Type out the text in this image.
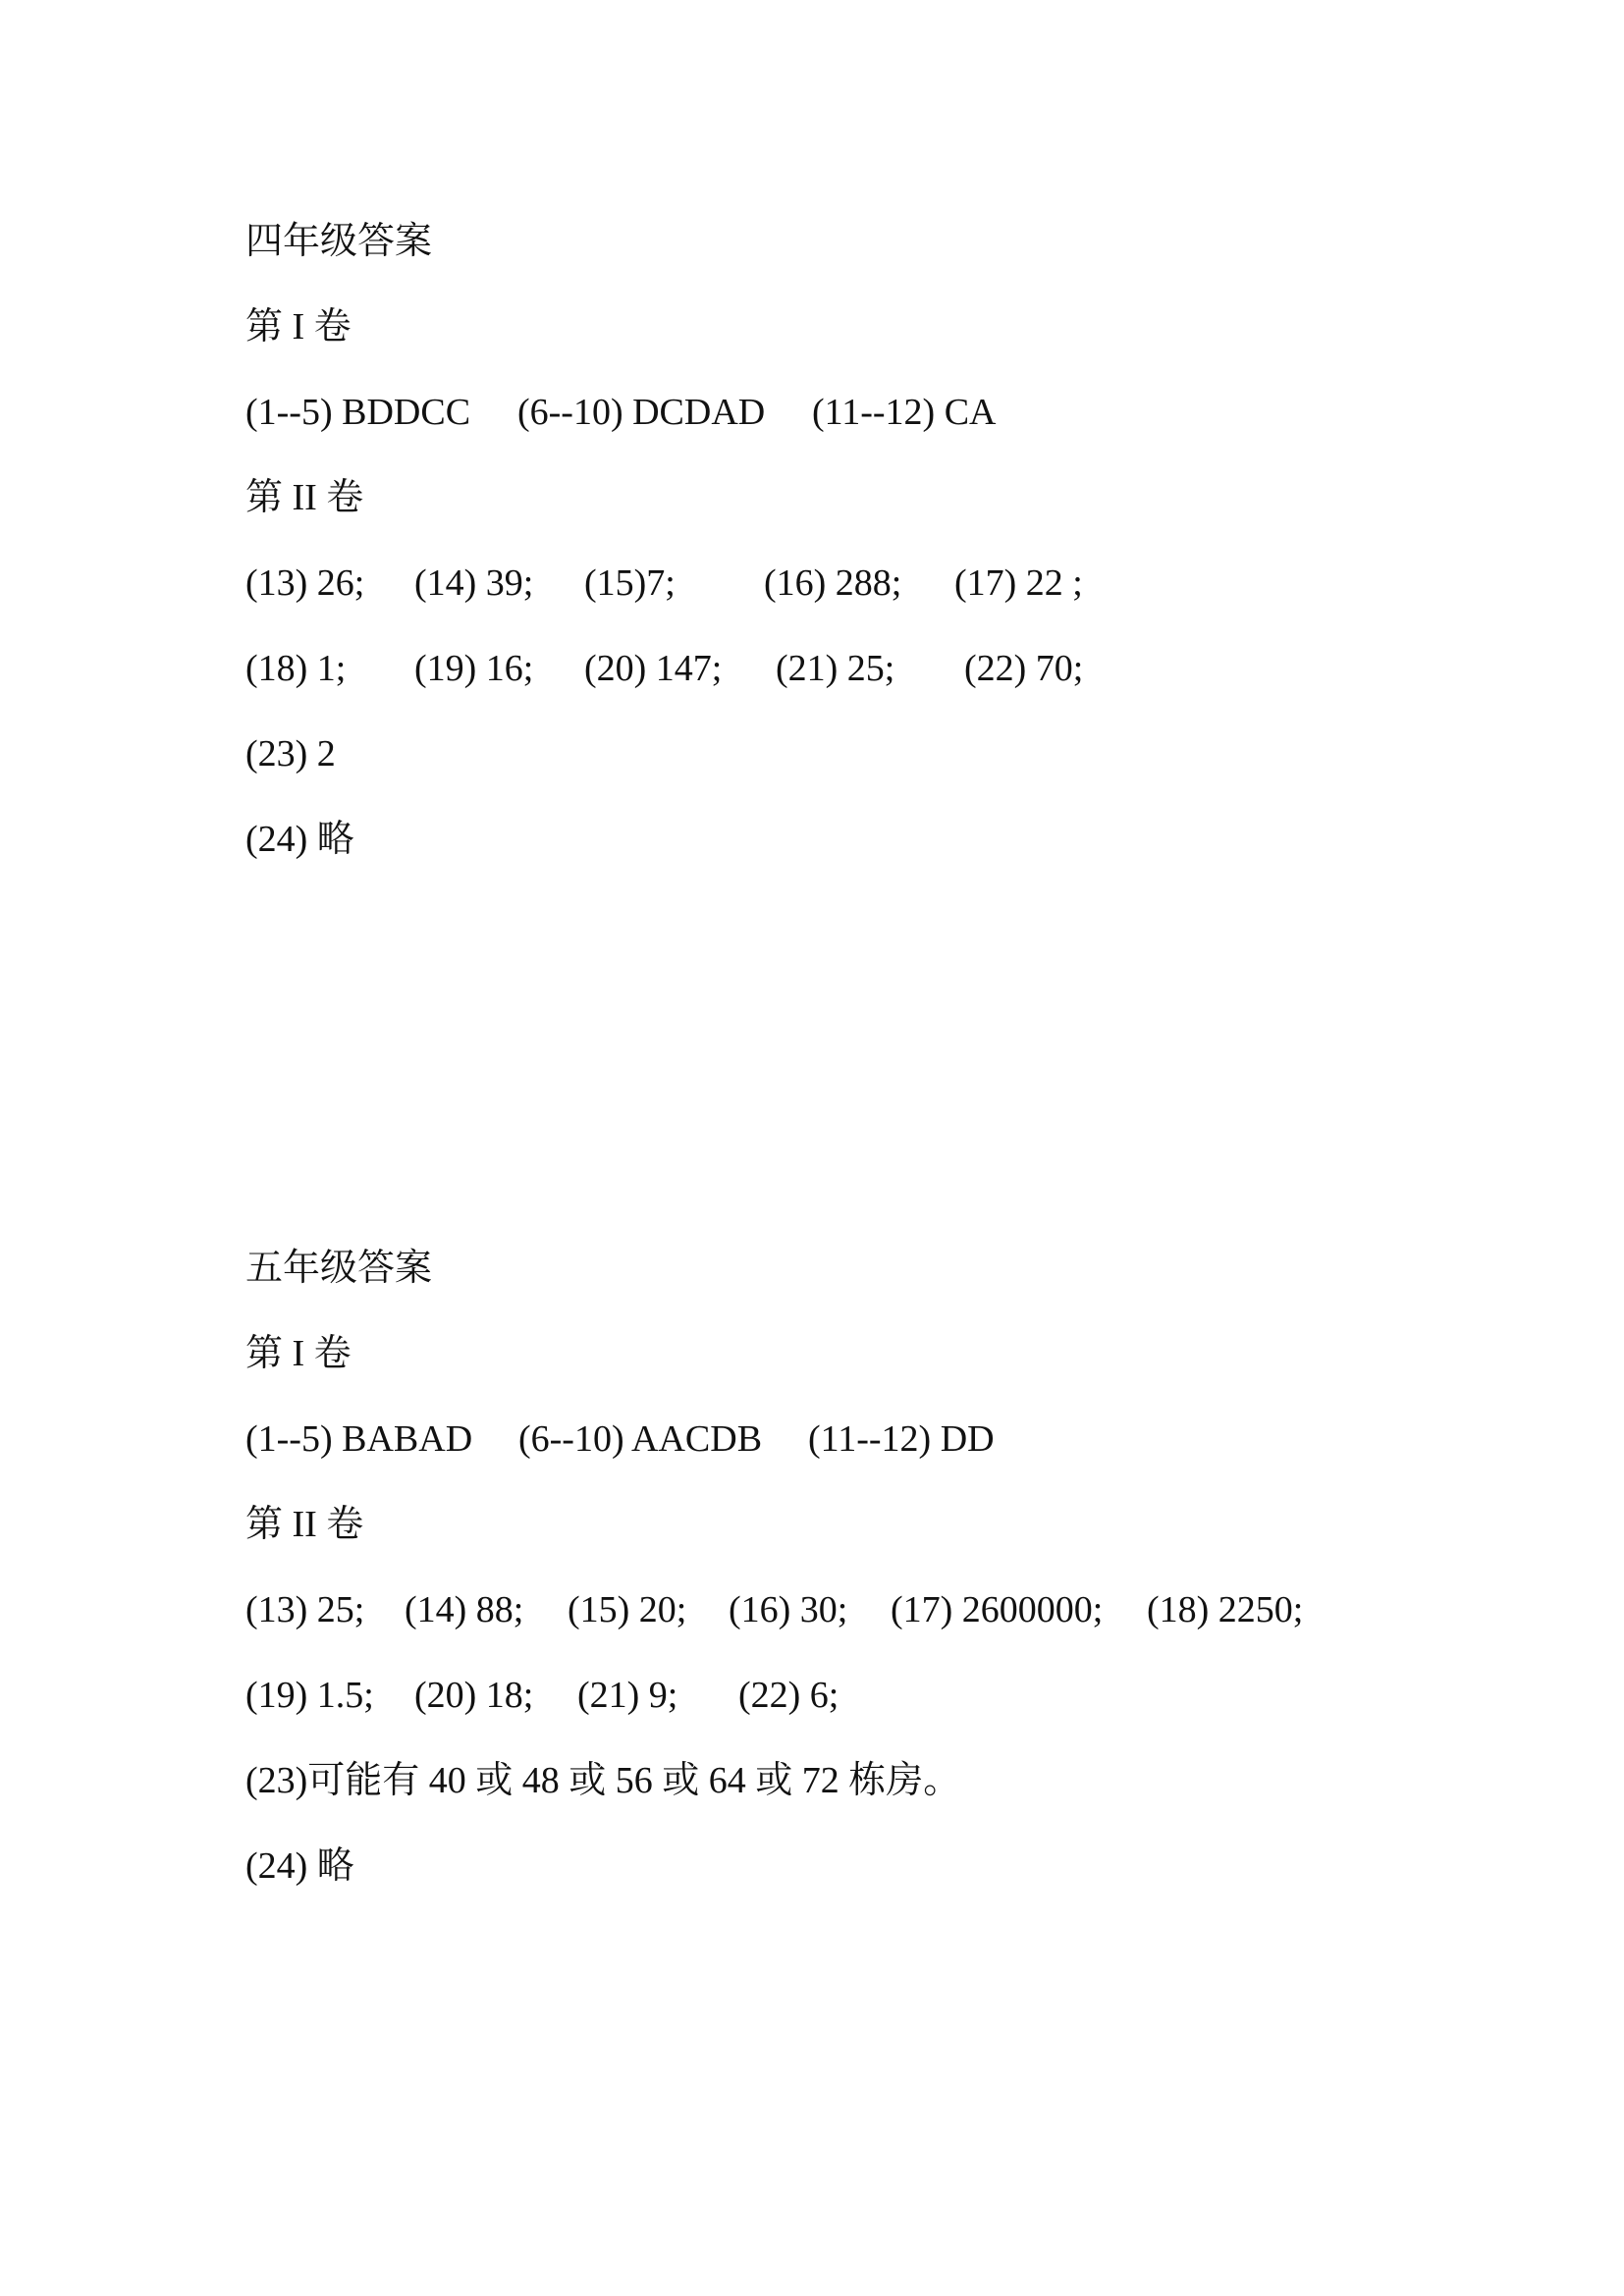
四年级答案
第 I 卷
(1--5) BDDCC (6--10) DCDAD (11--12) CA
第 II 卷
(13) 26; (14) 39; (15)7; (16) 288; (17) 22 ;
(18) 1; (19) 16; (20) 147; (21) 25; (22) 70;
(23) 2
(24) 略
五年级答案
第 I 卷
(1--5) BABAD (6--10) AACDB (11--12) DD
第 II 卷
(13) 25; (14) 88; (15) 20; (16) 30; (17) 2600000; (18) 2250;
(19) 1.5; (20) 18; (21) 9; (22) 6;
(23)可能有 40 或 48 或 56 或 64 或 72 栋房。
(24) 略
